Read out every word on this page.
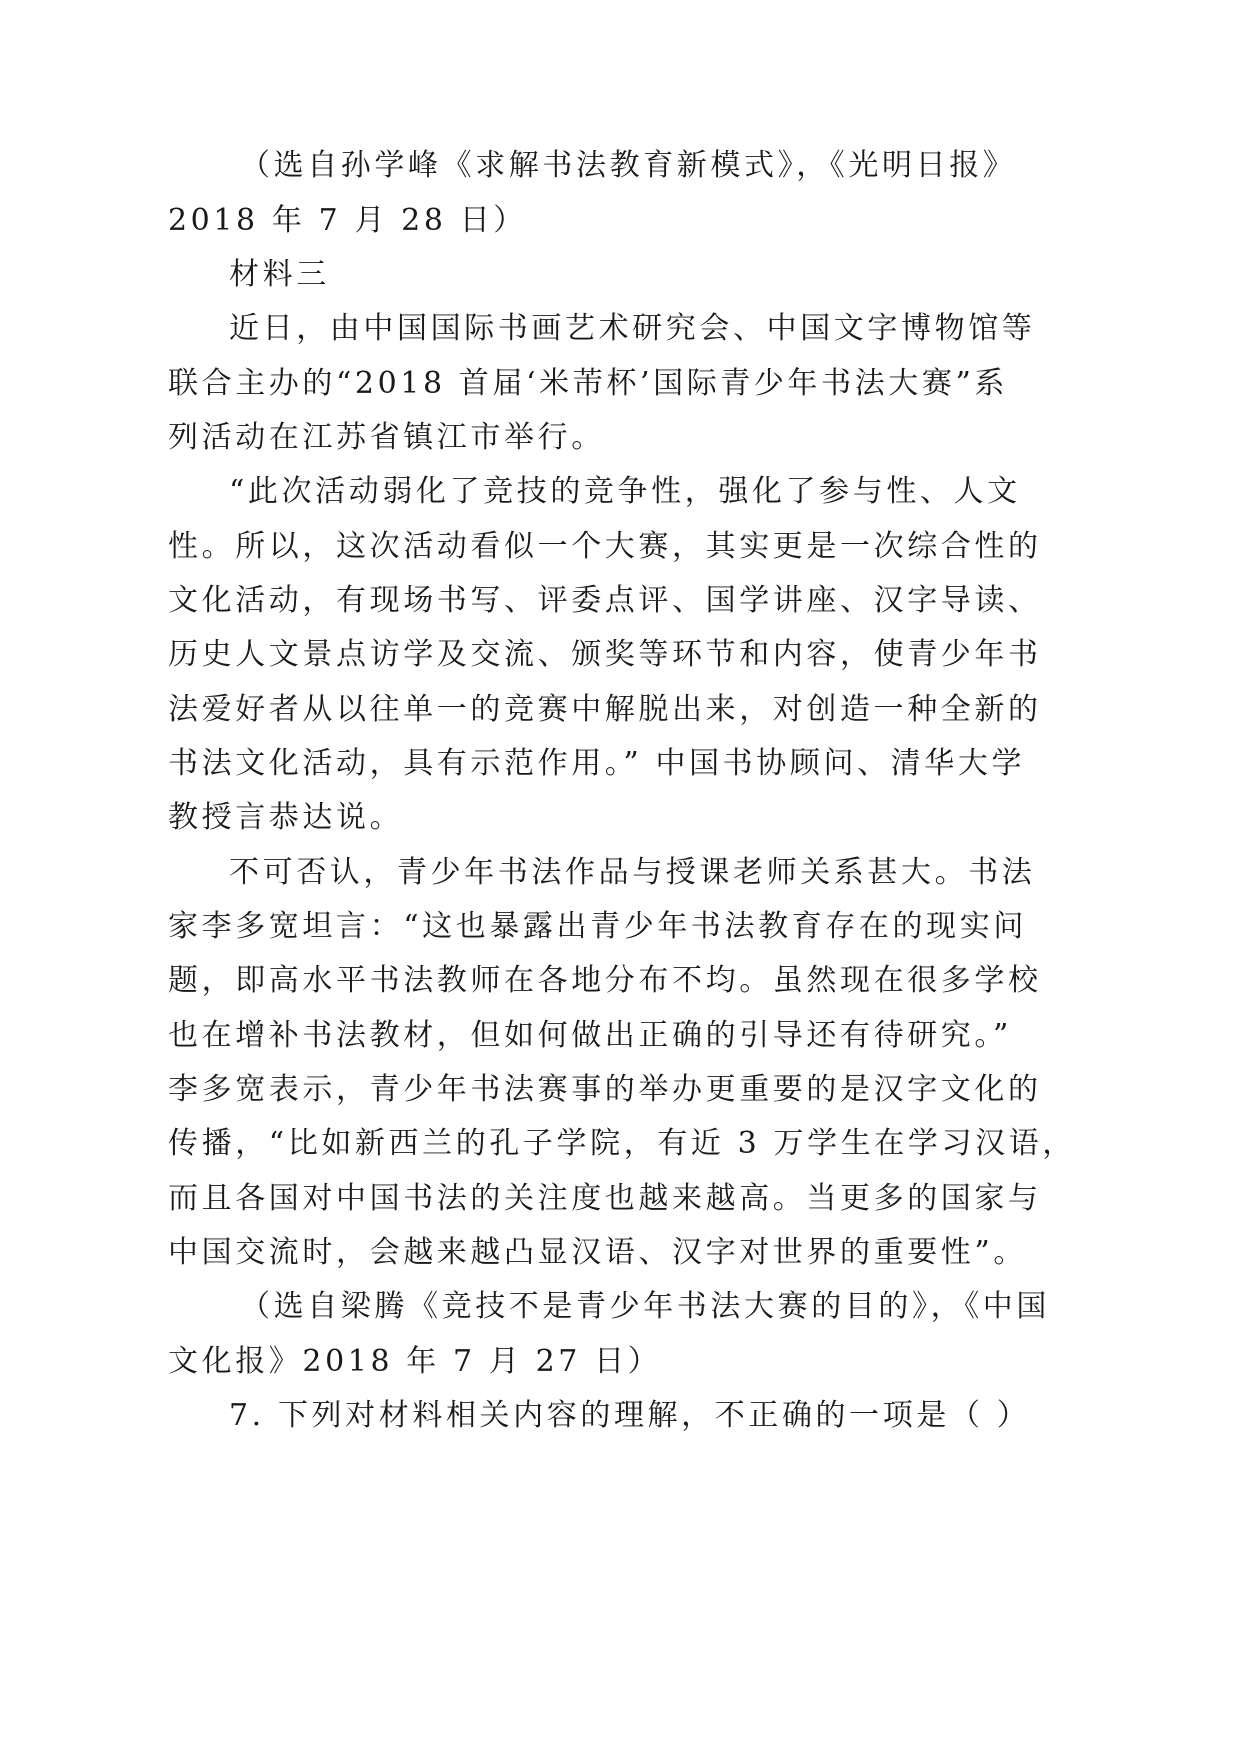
（选自孙学峰《求解书法教育新模式》，《光明日报》

2018 年 7 月 28 日）

材料三

近日，由中国国际书画艺术研究会、中国文字博物馆等

联合主办的“2018 首届‘米芾杯’国际青少年书法大赛”系

列活动在江苏省镇江市举行。

“此次活动弱化了竞技的竞争性，强化了参与性、人文

性。所以，这次活动看似一个大赛，其实更是一次综合性的

文化活动，有现场书写、评委点评、国学讲座、汉字导读、

历史人文景点访学及交流、颁奖等环节和内容，使青少年书

法爱好者从以往单一的竞赛中解脱出来，对创造一种全新的

书法文化活动，具有示范作用。” 中国书协顾问、清华大学

教授言恭达说。

不可否认，青少年书法作品与授课老师关系甚大。书法

家李多宽坦言：“这也暴露出青少年书法教育存在的现实问

题，即高水平书法教师在各地分布不均。虽然现在很多学校

也在增补书法教材，但如何做出正确的引导还有待研究。”

李多宽表示，青少年书法赛事的举办更重要的是汉字文化的

传播，“比如新西兰的孔子学院，有近 3 万学生在学习汉语，

而且各国对中国书法的关注度也越来越高。当更多的国家与

中国交流时，会越来越凸显汉语、汉字对世界的重要性”。

（选自梁腾《竞技不是青少年书法大赛的目的》，《中国

文化报》2018 年 7 月 27 日）

7. 下列对材料相关内容的理解，不正确的一项是（ ）
